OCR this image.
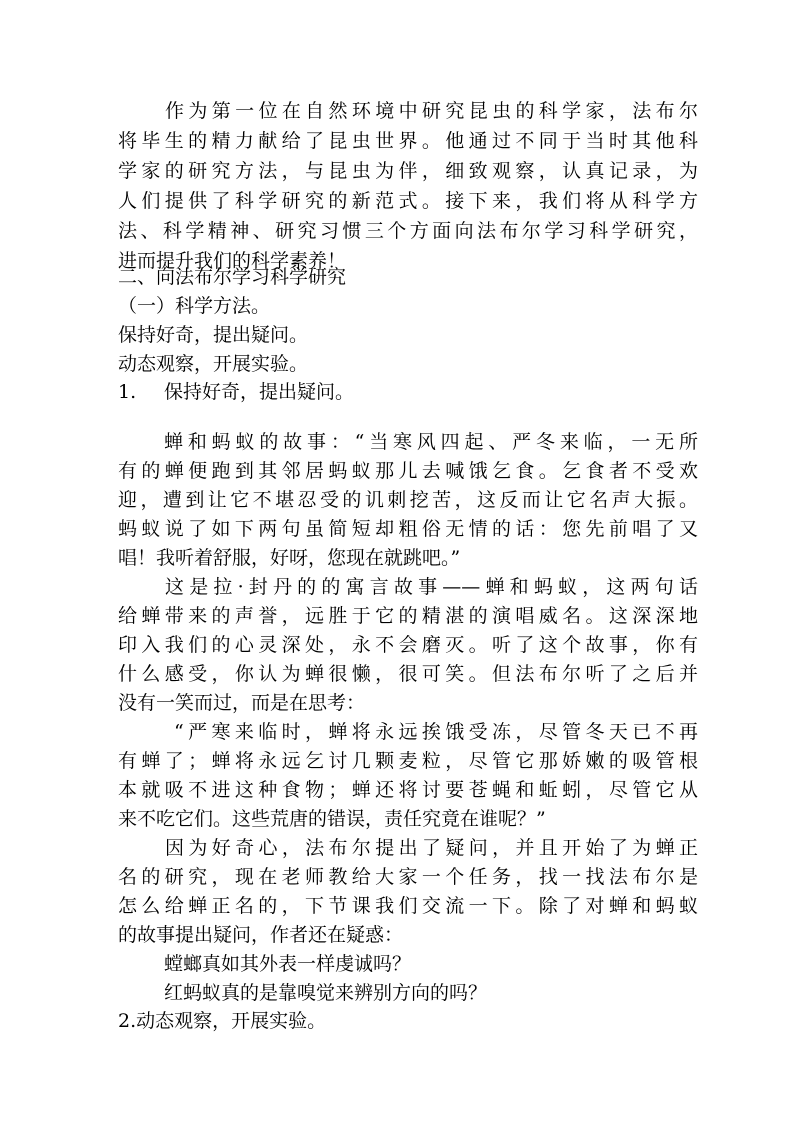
作为第一位在自然环境中研究昆虫的科学家，法布尔
将毕生的精力献给了昆虫世界。他通过不同于当时其他科
学家的研究方法，与昆虫为伴，细致观察，认真记录，为
人们提供了科学研究的新范式。接下来，我们将从科学方
法、科学精神、研究习惯三个方面向法布尔学习科学研究，
进而提升我们的科学素养！
二、向法布尔学习科学研究
（一）科学方法。
保持好奇，提出疑问。
动态观察，开展实验。
1.	保持好奇，提出疑问。
蝉和蚂蚁的故事：“当寒风四起、严冬来临，一无所
有的蝉便跑到其邻居蚂蚁那儿去喊饿乞食。乞食者不受欢
迎，遭到让它不堪忍受的讥刺挖苦，这反而让它名声大振。
蚂蚁说了如下两句虽简短却粗俗无情的话：您先前唱了又
唱！我听着舒服，好呀，您现在就跳吧。”
这是拉·封丹的的寓言故事——蝉和蚂蚁，这两句话
给蝉带来的声誉，远胜于它的精湛的演唱威名。这深深地
印入我们的心灵深处，永不会磨灭。听了这个故事，你有
什么感受，你认为蝉很懒，很可笑。但法布尔听了之后并
没有一笑而过，而是在思考：
“严寒来临时，蝉将永远挨饿受冻，尽管冬天已不再
有蝉了；蝉将永远乞讨几颗麦粒，尽管它那娇嫩的吸管根
本就吸不进这种食物；蝉还将讨要苍蝇和蚯蚓，尽管它从
来不吃它们。这些荒唐的错误，责任究竟在谁呢？”
因为好奇心，法布尔提出了疑问，并且开始了为蝉正
名的研究，现在老师教给大家一个任务，找一找法布尔是
怎么给蝉正名的，下节课我们交流一下。除了对蝉和蚂蚁
的故事提出疑问，作者还在疑惑：
螳螂真如其外表一样虔诚吗？
红蚂蚁真的是靠嗅觉来辨别方向的吗？
2.动态观察，开展实验。
